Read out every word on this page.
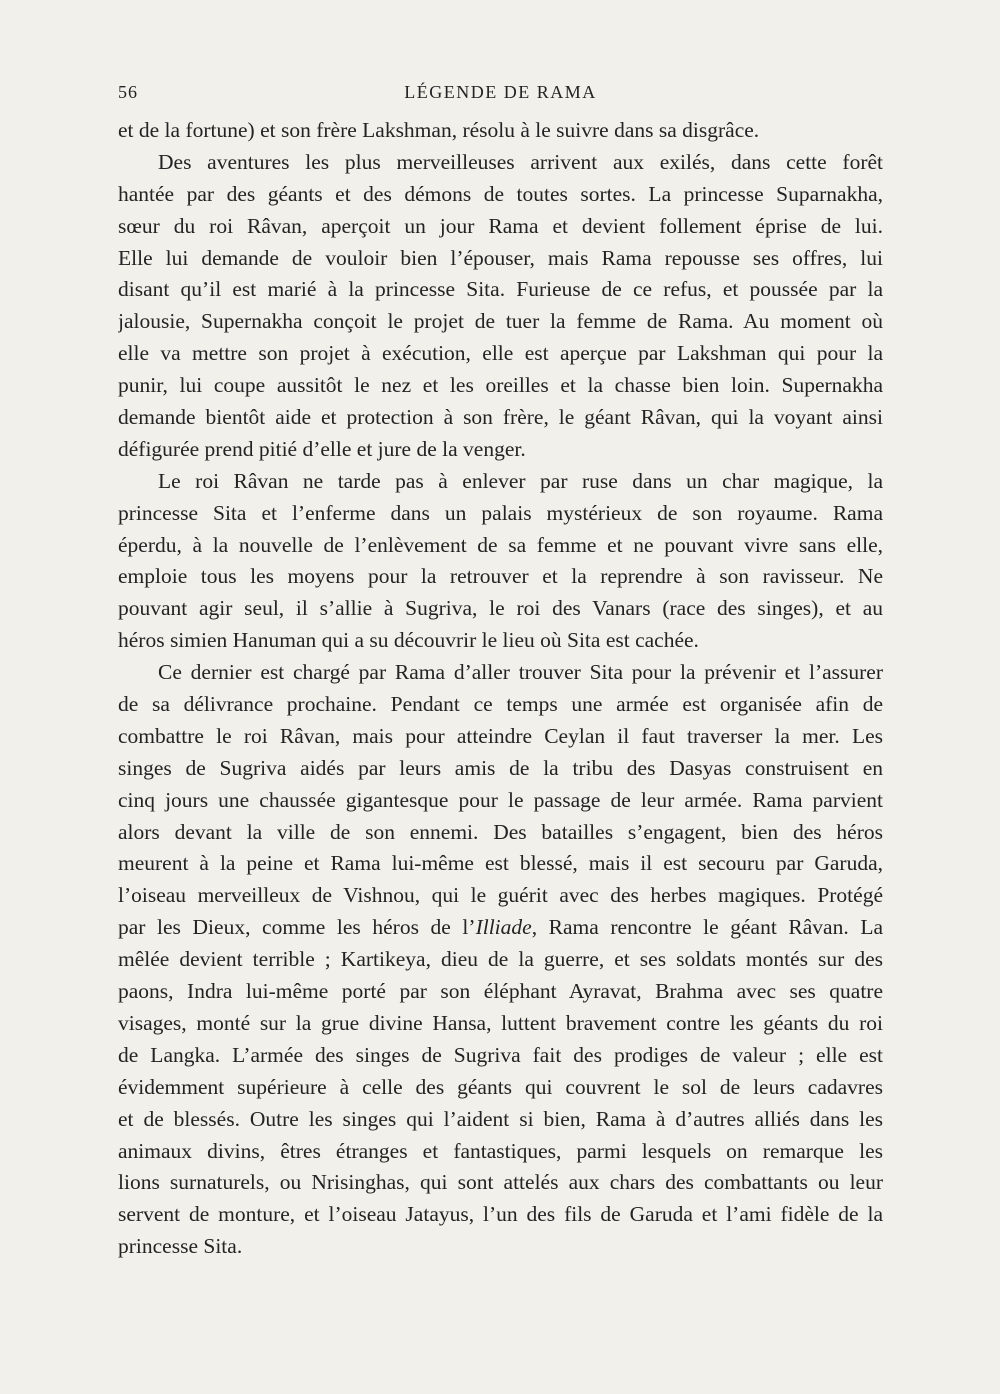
56	LÉGENDE DE RAMA
et de la fortune) et son frère Lakshman, résolu à le suivre dans sa disgrâce.
Des aventures les plus merveilleuses arrivent aux exilés, dans cette forêt
hantée par des géants et des démons de toutes sortes. La princesse Suparnakha,
sœur du roi Râvan, aperçoit un jour Rama et devient follement éprise de lui.
Elle lui demande de vouloir bien l’épouser, mais Rama repousse ses offres, lui
disant qu’il est marié à la princesse Sita. Furieuse de ce refus, et poussée par la
jalousie, Supernakha conçoit le projet de tuer la femme de Rama. Au moment où
elle va mettre son projet à exécution, elle est aperçue par Lakshman qui pour la
punir, lui coupe aussitôt le nez et les oreilles et la chasse bien loin. Supernakha
demande bientôt aide et protection à son frère, le géant Râvan, qui la voyant ainsi
défigurée prend pitié d’elle et jure de la venger.
Le roi Râvan ne tarde pas à enlever par ruse dans un char magique, la
princesse Sita et l’enferme dans un palais mystérieux de son royaume. Rama
éperdu, à la nouvelle de l’enlèvement de sa femme et ne pouvant vivre sans elle,
emploie tous les moyens pour la retrouver et la reprendre à son ravisseur. Ne
pouvant agir seul, il s’allie à Sugriva, le roi des Vanars (race des singes), et au
héros simien Hanuman qui a su découvrir le lieu où Sita est cachée.
Ce dernier est chargé par Rama d’aller trouver Sita pour la prévenir et l’assurer
de sa délivrance prochaine. Pendant ce temps une armée est organisée afin de
combattre le roi Râvan, mais pour atteindre Ceylan il faut traverser la mer. Les
singes de Sugriva aidés par leurs amis de la tribu des Dasyas construisent en
cinq jours une chaussée gigantesque pour le passage de leur armée. Rama parvient
alors devant la ville de son ennemi. Des batailles s’engagent, bien des héros
meurent à la peine et Rama lui-même est blessé, mais il est secouru par Garuda,
l’oiseau merveilleux de Vishnou, qui le guérit avec des herbes magiques. Protégé
par les Dieux, comme les héros de l’Illiade, Rama rencontre le géant Râvan. La
mêlée devient terrible ; Kartikeya, dieu de la guerre, et ses soldats montés sur des
paons, Indra lui-même porté par son éléphant Ayravat, Brahma avec ses quatre
visages, monté sur la grue divine Hansa, luttent bravement contre les géants du roi
de Langka. L’armée des singes de Sugriva fait des prodiges de valeur ; elle est
évidemment supérieure à celle des géants qui couvrent le sol de leurs cadavres
et de blessés. Outre les singes qui l’aident si bien, Rama à d’autres alliés dans les
animaux divins, êtres étranges et fantastiques, parmi lesquels on remarque les
lions surnaturels, ou Nrisinghas, qui sont attelés aux chars des combattants ou leur
servent de monture, et l’oiseau Jatayus, l’un des fils de Garuda et l’ami fidèle de la
princesse Sita.
